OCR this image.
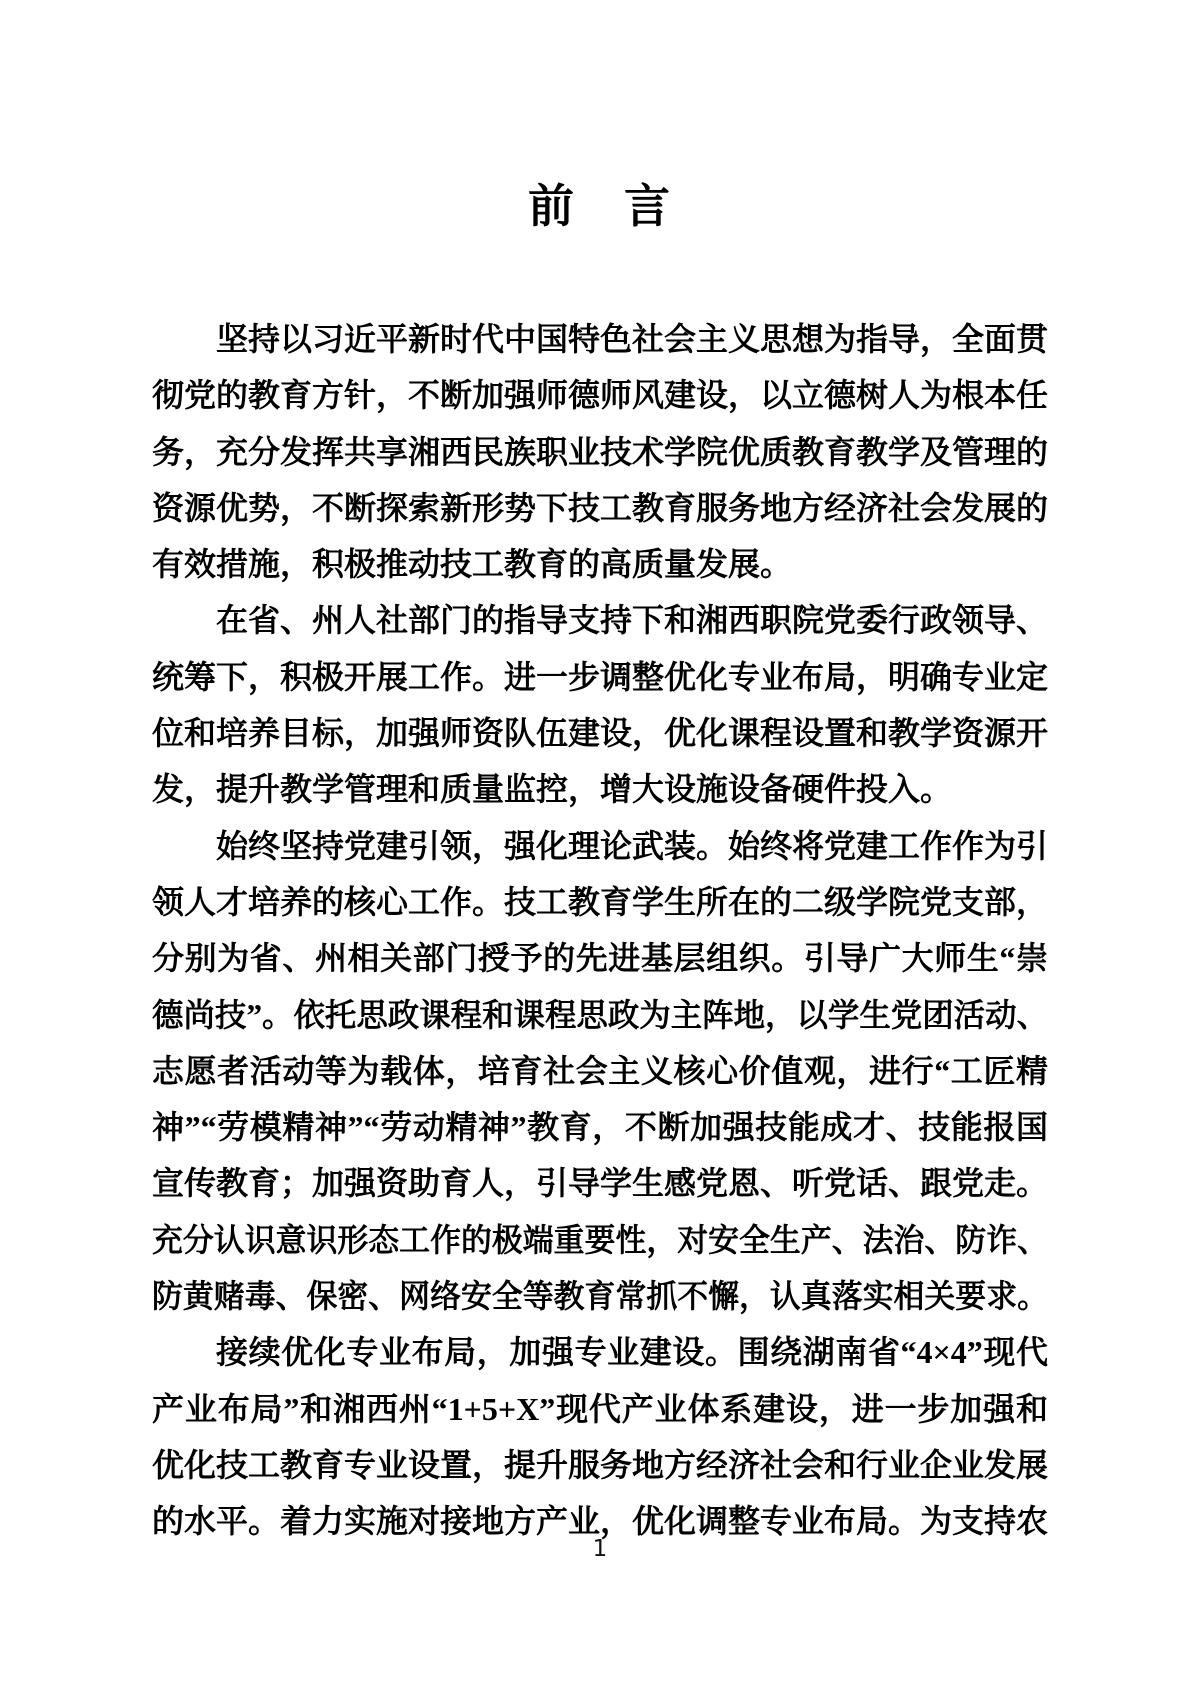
前　言
坚持以习近平新时代中国特色社会主义思想为指导，全面贯
彻党的教育方针，不断加强师德师风建设，以立德树人为根本任
务，充分发挥共享湘西民族职业技术学院优质教育教学及管理的
资源优势，不断探索新形势下技工教育服务地方经济社会发展的
有效措施，积极推动技工教育的高质量发展。
在省、州人社部门的指导支持下和湘西职院党委行政领导、
统筹下，积极开展工作。进一步调整优化专业布局，明确专业定
位和培养目标，加强师资队伍建设，优化课程设置和教学资源开
发，提升教学管理和质量监控，增大设施设备硬件投入。
始终坚持党建引领，强化理论武装。始终将党建工作作为引
领人才培养的核心工作。技工教育学生所在的二级学院党支部，
分别为省、州相关部门授予的先进基层组织。引导广大师生“崇
德尚技”。依托思政课程和课程思政为主阵地，以学生党团活动、
志愿者活动等为载体，培育社会主义核心价值观，进行“工匠精
神”“劳模精神”“劳动精神”教育，不断加强技能成才、技能报国
宣传教育；加强资助育人，引导学生感党恩、听党话、跟党走。
充分认识意识形态工作的极端重要性，对安全生产、法治、防诈、
防黄赌毒、保密、网络安全等教育常抓不懈，认真落实相关要求。
接续优化专业布局，加强专业建设。围绕湖南省“4×4”现代
产业布局”和湘西州“1+5+X”现代产业体系建设，进一步加强和
优化技工教育专业设置，提升服务地方经济社会和行业企业发展
的水平。着力实施对接地方产业，优化调整专业布局。为支持农
1
